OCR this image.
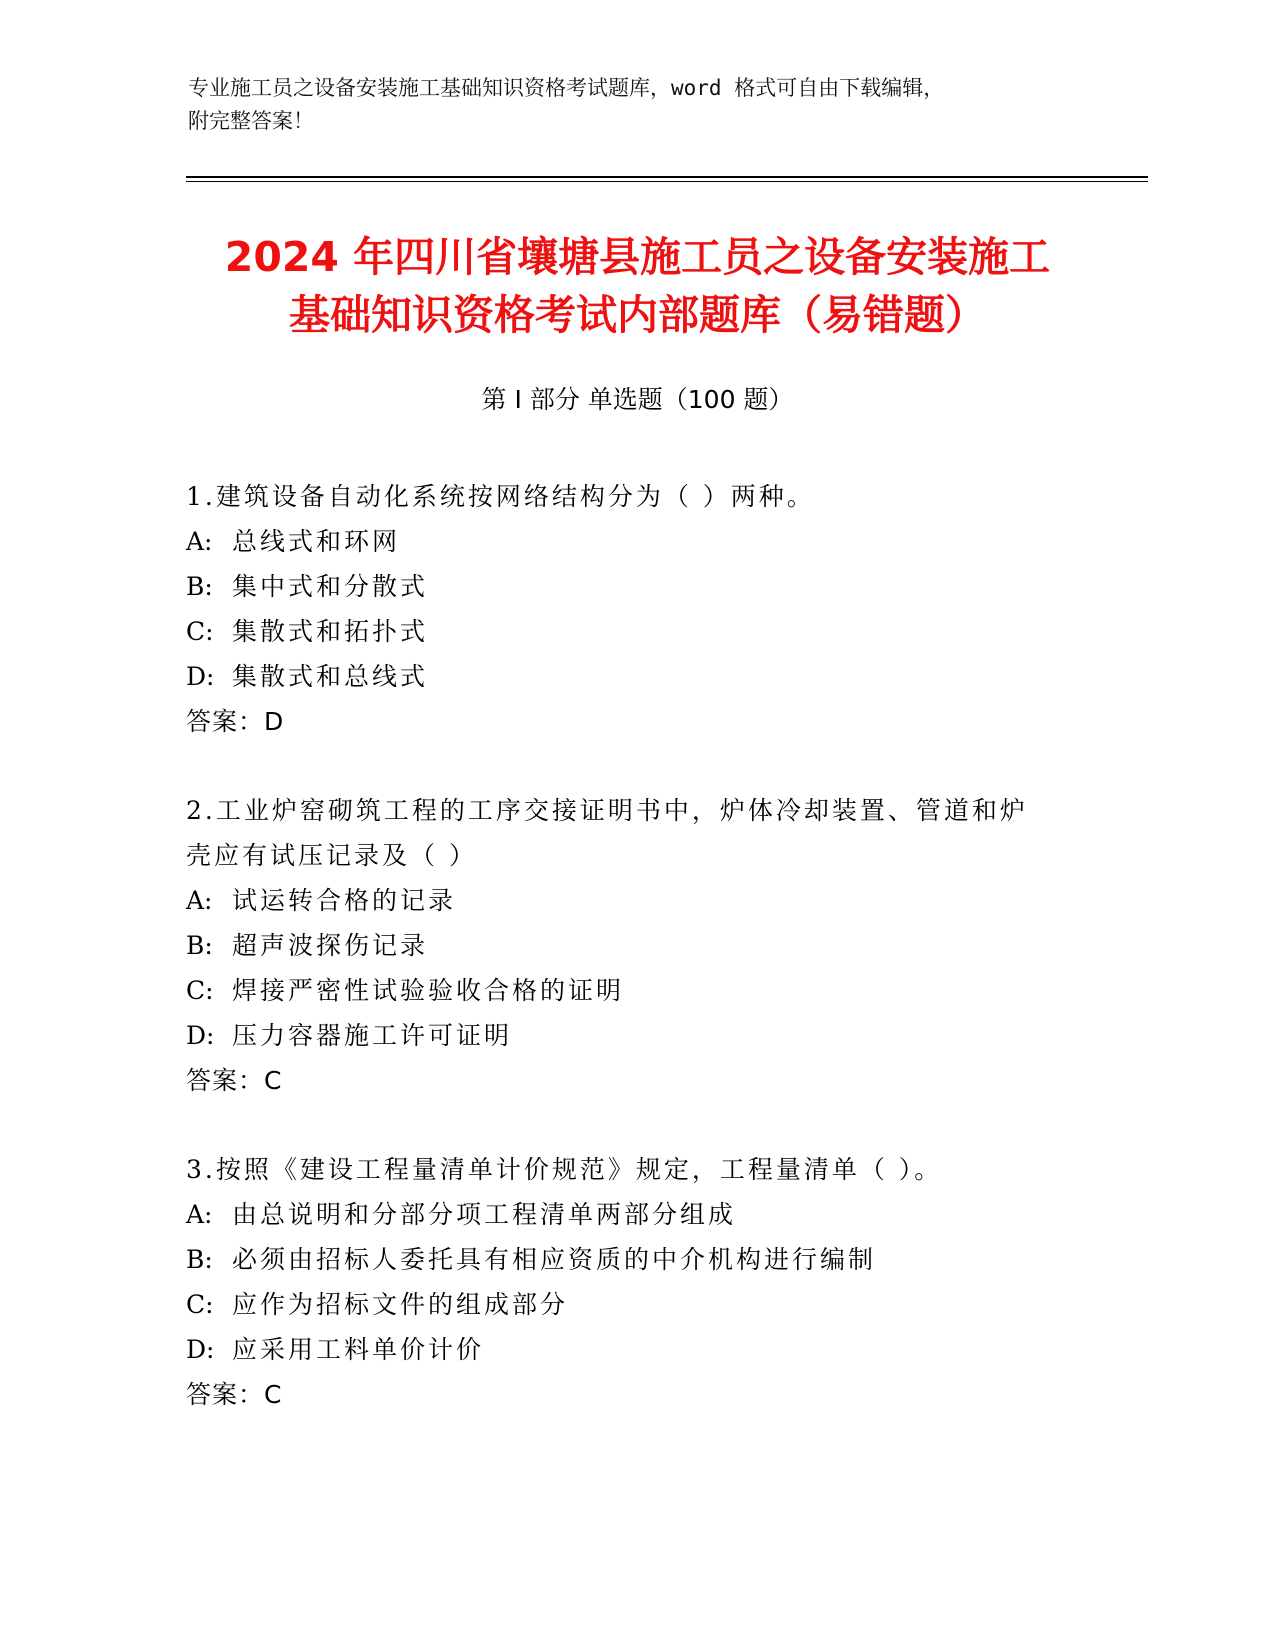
专业施工员之设备安装施工基础知识资格考试题库，word 格式可自由下载编辑，
附完整答案！
2024 年四川省壤塘县施工员之设备安装施工
基础知识资格考试内部题库（易错题）
第 I 部分 单选题（100 题）
1.建筑设备自动化系统按网络结构分为（ ）两种。
A: 总线式和环网
B: 集中式和分散式
C: 集散式和拓扑式
D: 集散式和总线式
答案：D
2.工业炉窑砌筑工程的工序交接证明书中，炉体冷却装置、管道和炉
壳应有试压记录及（ ）
A: 试运转合格的记录
B: 超声波探伤记录
C: 焊接严密性试验验收合格的证明
D: 压力容器施工许可证明
答案：C
3.按照《建设工程量清单计价规范》规定，工程量清单（ ）。
A: 由总说明和分部分项工程清单两部分组成
B: 必须由招标人委托具有相应资质的中介机构进行编制
C: 应作为招标文件的组成部分
D: 应采用工料单价计价
答案：C
